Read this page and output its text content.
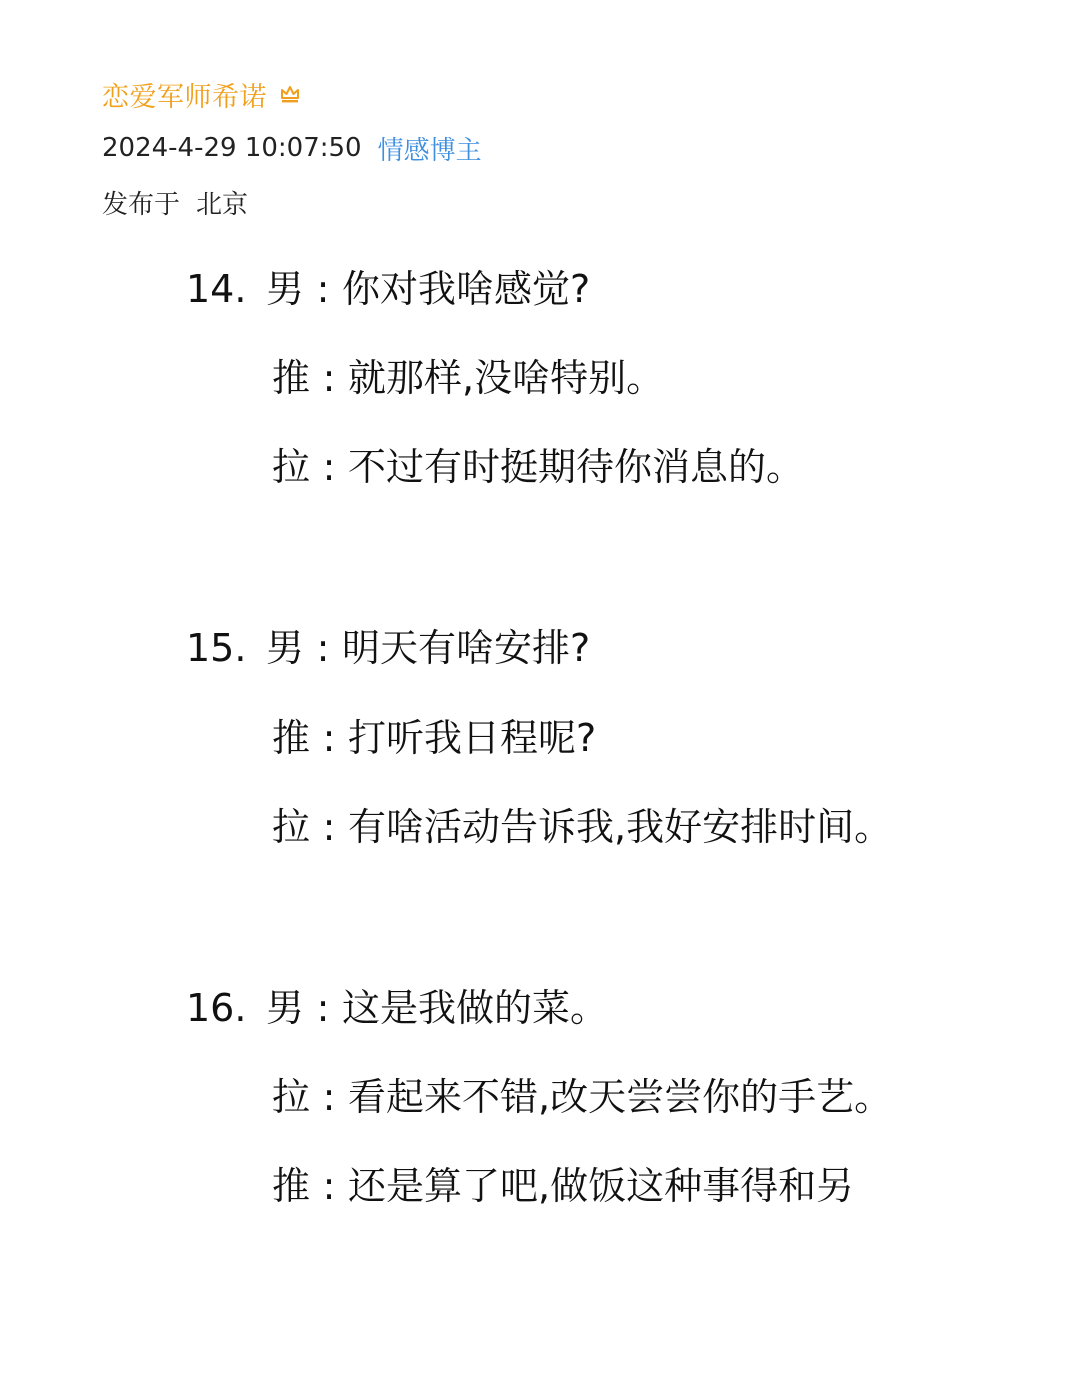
恋爱军师希诺
2024-4-29 10:07:50 情感博主
发布于 北京
14. 男 : 你对我啥感觉?
推 : 就那样,没啥特别。
拉 : 不过有时挺期待你消息的。
15. 男 : 明天有啥安排?
推 : 打听我日程呢?
拉 : 有啥活动告诉我,我好安排时间。
16. 男 : 这是我做的菜。
拉 : 看起来不错,改天尝尝你的手艺。
推 : 还是算了吧,做饭这种事得和另
